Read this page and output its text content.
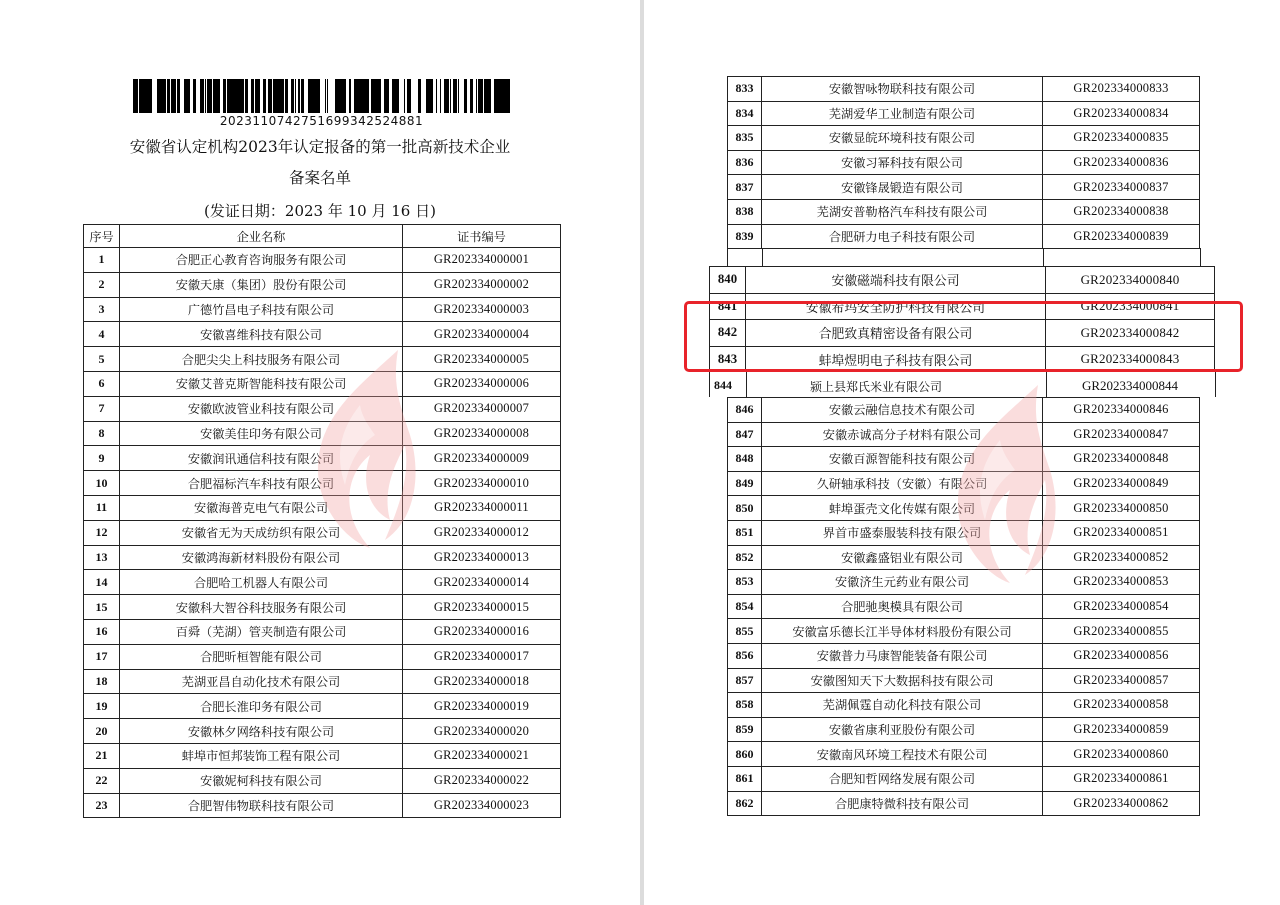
20231107427516993425248​81
安徽省认定机构2023年认定报备的第一批高新技术企业
备案名单
(发证日期：2023 年 10 月 16 日)
序号	企业名称	证书编号
1	合肥正心教育咨询服务有限公司	GR202334000001
2	安徽天康（集团）股份有限公司	GR202334000002
3	广德竹昌电子科技有限公司	GR202334000003
4	安徽喜维科技有限公司	GR202334000004
5	合肥尖尖上科技服务有限公司	GR202334000005
6	安徽艾普克斯智能科技有限公司	GR202334000006
7	安徽欧波管业科技有限公司	GR202334000007
8	安徽美佳印务有限公司	GR202334000008
9	安徽润讯通信科技有限公司	GR202334000009
10	合肥福标汽车科技有限公司	GR202334000010
11	安徽海普克电气有限公司	GR202334000011
12	安徽省无为天成纺织有限公司	GR202334000012
13	安徽鸿海新材料股份有限公司	GR202334000013
14	合肥哈工机器人有限公司	GR202334000014
15	安徽科大智谷科技服务有限公司	GR202334000015
16	百舜（芜湖）管夹制造有限公司	GR202334000016
17	合肥昕桓智能有限公司	GR202334000017
18	芜湖亚昌自动化技术有限公司	GR202334000018
19	合肥长淮印务有限公司	GR202334000019
20	安徽林夕网络科技有限公司	GR202334000020
21	蚌埠市恒邦装饰工程有限公司	GR202334000021
22	安徽妮柯科技有限公司	GR202334000022
23	合肥智伟物联科技有限公司	GR202334000023
833	安徽智咏物联科技有限公司	GR202334000833
834	芜湖爱华工业制造有限公司	GR202334000834
835	安徽显皖环境科技有限公司	GR202334000835
836	安徽习幂科技有限公司	GR202334000836
837	安徽锋晟锻造有限公司	GR202334000837
838	芜湖安普勒格汽车科技有限公司	GR202334000838
839	合肥研力电子科技有限公司	GR202334000839
840	安徽磁端科技有限公司	GR202334000840
841	安徽希玛安全防护科技有限公司	GR202334000841
842	合肥致真精密设备有限公司	GR202334000842
843	蚌埠煜明电子科技有限公司	GR202334000843
844	颍上县郑氏米业有限公司	GR202334000844
846	安徽云融信息技术有限公司	GR202334000846
847	安徽赤诚高分子材料有限公司	GR202334000847
848	安徽百源智能科技有限公司	GR202334000848
849	久研轴承科技（安徽）有限公司	GR202334000849
850	蚌埠蛋壳文化传媒有限公司	GR202334000850
851	界首市盛泰服装科技有限公司	GR202334000851
852	安徽鑫盛铝业有限公司	GR202334000852
853	安徽济生元药业有限公司	GR202334000853
854	合肥驰奥模具有限公司	GR202334000854
855	安徽富乐德长江半导体材料股份有限公司	GR202334000855
856	安徽普力马康智能装备有限公司	GR202334000856
857	安徽图知天下大数据科技有限公司	GR202334000857
858	芜湖佩霆自动化科技有限公司	GR202334000858
859	安徽省康利亚股份有限公司	GR202334000859
860	安徽南风环境工程技术有限公司	GR202334000860
861	合肥知哲网络发展有限公司	GR202334000861
862	合肥康特微科技有限公司	GR202334000862
